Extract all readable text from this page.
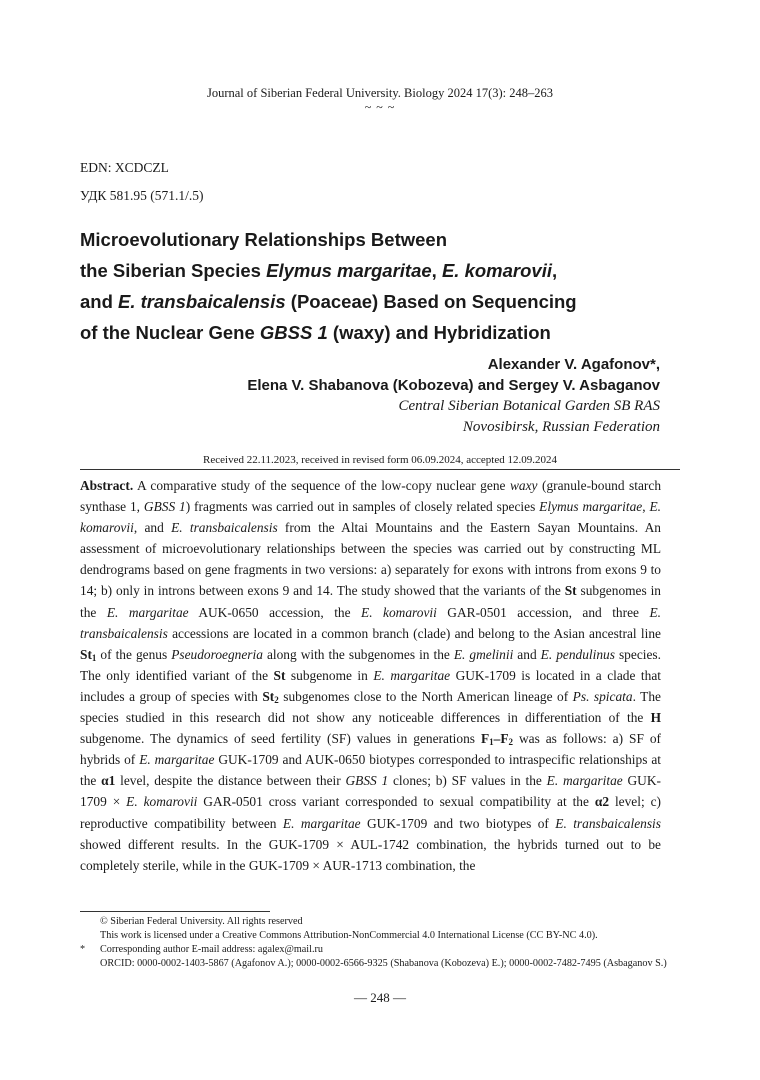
Journal of Siberian Federal University. Biology 2024 17(3): 248–263
~ ~ ~
EDN: XCDCZL
УДК 581.95 (571.1/.5)
Microevolutionary Relationships Between
the Siberian Species Elymus margaritae, E. komarovii,
and E. transbaicalensis (Poaceae) Based on Sequencing
of the Nuclear Gene GBSS 1 (waxy) and Hybridization
Alexander V. Agafonov*,
Elena V. Shabanova (Kobozeva) and Sergey V. Asbaganov
Central Siberian Botanical Garden SB RAS
Novosibirsk, Russian Federation
Received 22.11.2023, received in revised form 06.09.2024, accepted 12.09.2024
Abstract. A comparative study of the sequence of the low-copy nuclear gene waxy (granule-bound starch synthase 1, GBSS 1) fragments was carried out in samples of closely related species Elymus margaritae, E. komarovii, and E. transbaicalensis from the Altai Mountains and the Eastern Sayan Mountains. An assessment of microevolutionary relationships between the species was carried out by constructing ML dendrograms based on gene fragments in two versions: a) separately for exons with introns from exons 9 to 14; b) only in introns between exons 9 and 14. The study showed that the variants of the St subgenomes in the E. margaritae AUK-0650 accession, the E. komarovii GAR-0501 accession, and three E. transbaicalensis accessions are located in a common branch (clade) and belong to the Asian ancestral line $St_1$ of the genus Pseudoroegneria along with the subgenomes in the E. gmelinii and E. pendulinus species. The only identified variant of the St subgenome in E. margaritae GUK-1709 is located in a clade that includes a group of species with $St_2$ subgenomes close to the North American lineage of Ps. spicata. The species studied in this research did not show any noticeable differences in differentiation of the H subgenome. The dynamics of seed fertility (SF) values in generations $F_1-F_2$ was as follows: a) SF of hybrids of E. margaritae GUK-1709 and AUK-0650 biotypes corresponded to intraspecific relationships at the α1 level, despite the distance between their GBSS 1 clones; b) SF values in the E. margaritae GUK-1709 × E. komarovii GAR-0501 cross variant corresponded to sexual compatibility at the α2 level; c) reproductive compatibility between E. margaritae GUK-1709 and two biotypes of E. transbaicalensis showed different results. In the GUK-1709 × AUL-1742 combination, the hybrids turned out to be completely sterile, while in the GUK-1709 × AUR-1713 combination, the
© Siberian Federal University. All rights reserved
This work is licensed under a Creative Commons Attribution-NonCommercial 4.0 International License (CC BY-NC 4.0).
* Corresponding author E-mail address: agalex@mail.ru
ORCID: 0000-0002-1403-5867 (Agafonov A.); 0000-0002-6566-9325 (Shabanova (Kobozeva) E.); 0000-0002-7482-7495 (Asbaganov S.)
— 248 —
